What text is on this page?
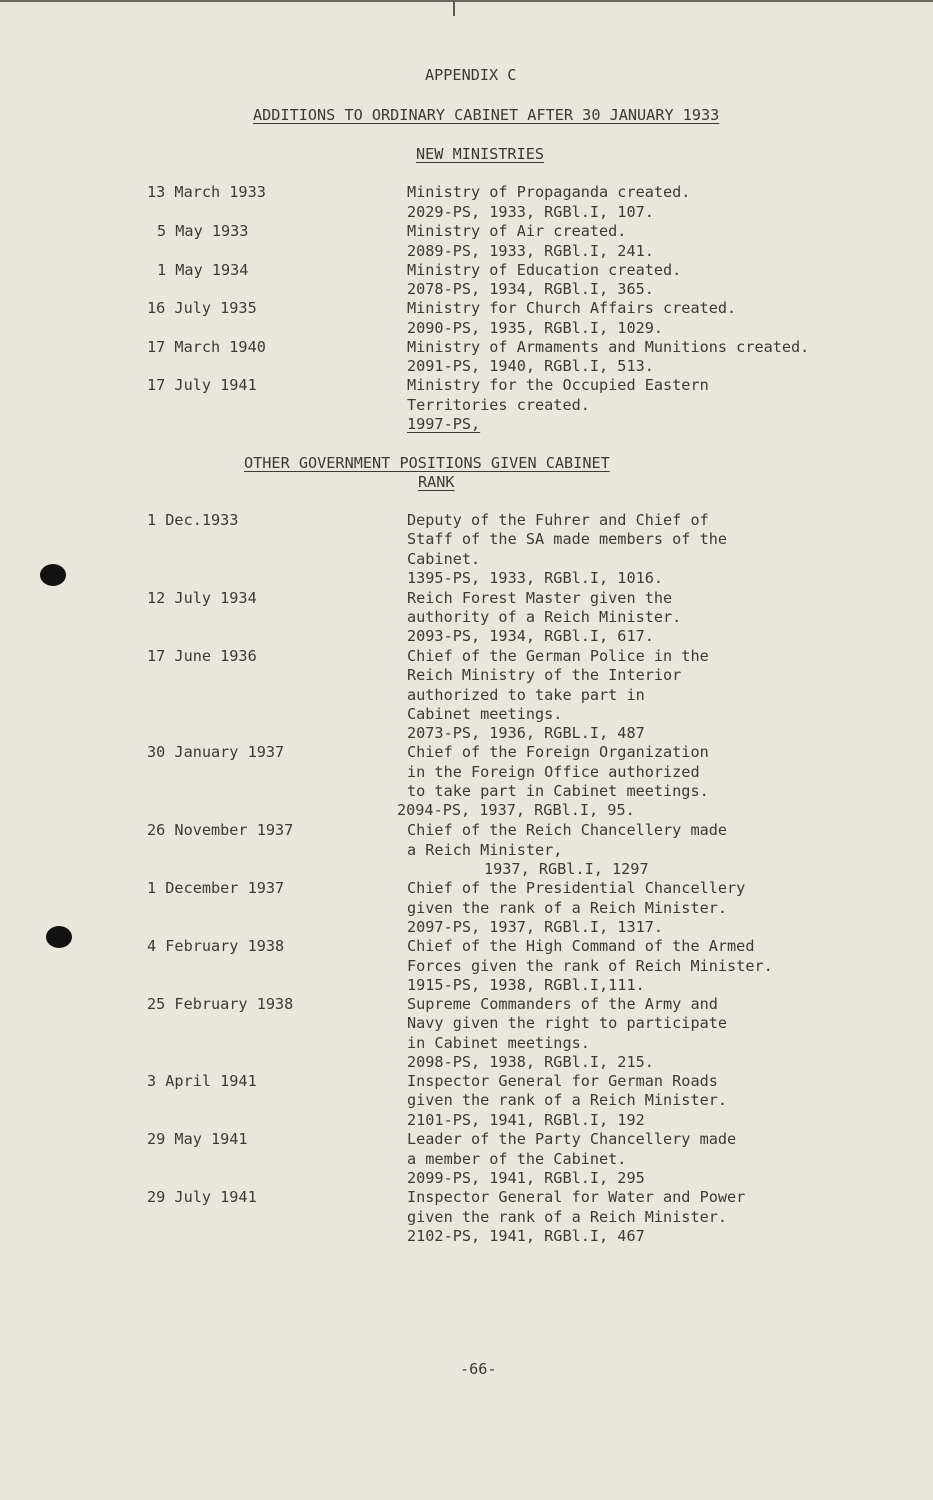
APPENDIX C
ADDITIONS TO ORDINARY CABINET AFTER 30 JANUARY 1933
NEW MINISTRIES
13 March 1933	Ministry of Propaganda created.
2029-PS, 1933, RGBl.I, 107.
5 May 1933	Ministry of Air created.
2089-PS, 1933, RGBl.I, 241.
1 May 1934	Ministry of Education created.
2078-PS, 1934, RGBl.I, 365.
16 July 1935	Ministry for Church Affairs created.
2090-PS, 1935, RGBl.I, 1029.
17 March 1940	Ministry of Armaments and Munitions created.
2091-PS, 1940, RGBl.I, 513.
17 July 1941	Ministry for the Occupied Eastern
Territories created.
1997-PS,
OTHER GOVERNMENT POSITIONS GIVEN CABINET
RANK
1 Dec.1933	Deputy of the Fuhrer and Chief of
Staff of the SA made members of the
Cabinet.
1395-PS, 1933, RGBl.I, 1016.
12 July 1934	Reich Forest Master given the
authority of a Reich Minister.
2093-PS, 1934, RGBl.I, 617.
17 June 1936	Chief of the German Police in the
Reich Ministry of the Interior
authorized to take part in
Cabinet meetings.
2073-PS, 1936, RGBL.I, 487
30 January 1937	Chief of the Foreign Organization
in the Foreign Office authorized
to take part in Cabinet meetings.
2094-PS, 1937, RGBl.I, 95.
26 November 1937	Chief of the Reich Chancellery made
a Reich Minister,
1937, RGBl.I, 1297
1 December 1937	Chief of the Presidential Chancellery
given the rank of a Reich Minister.
2097-PS, 1937, RGBl.I, 1317.
4 February 1938	Chief of the High Command of the Armed
Forces given the rank of Reich Minister.
1915-PS, 1938, RGBl.I,111.
25 February 1938	Supreme Commanders of the Army and
Navy given the right to participate
in Cabinet meetings.
2098-PS, 1938, RGBl.I, 215.
3 April 1941	Inspector General for German Roads
given the rank of a Reich Minister.
2101-PS, 1941, RGBl.I, 192
29 May 1941	Leader of the Party Chancellery made
a member of the Cabinet.
2099-PS, 1941, RGBl.I, 295
29 July 1941	Inspector General for Water and Power
given the rank of a Reich Minister.
2102-PS, 1941, RGBl.I, 467
-66-
